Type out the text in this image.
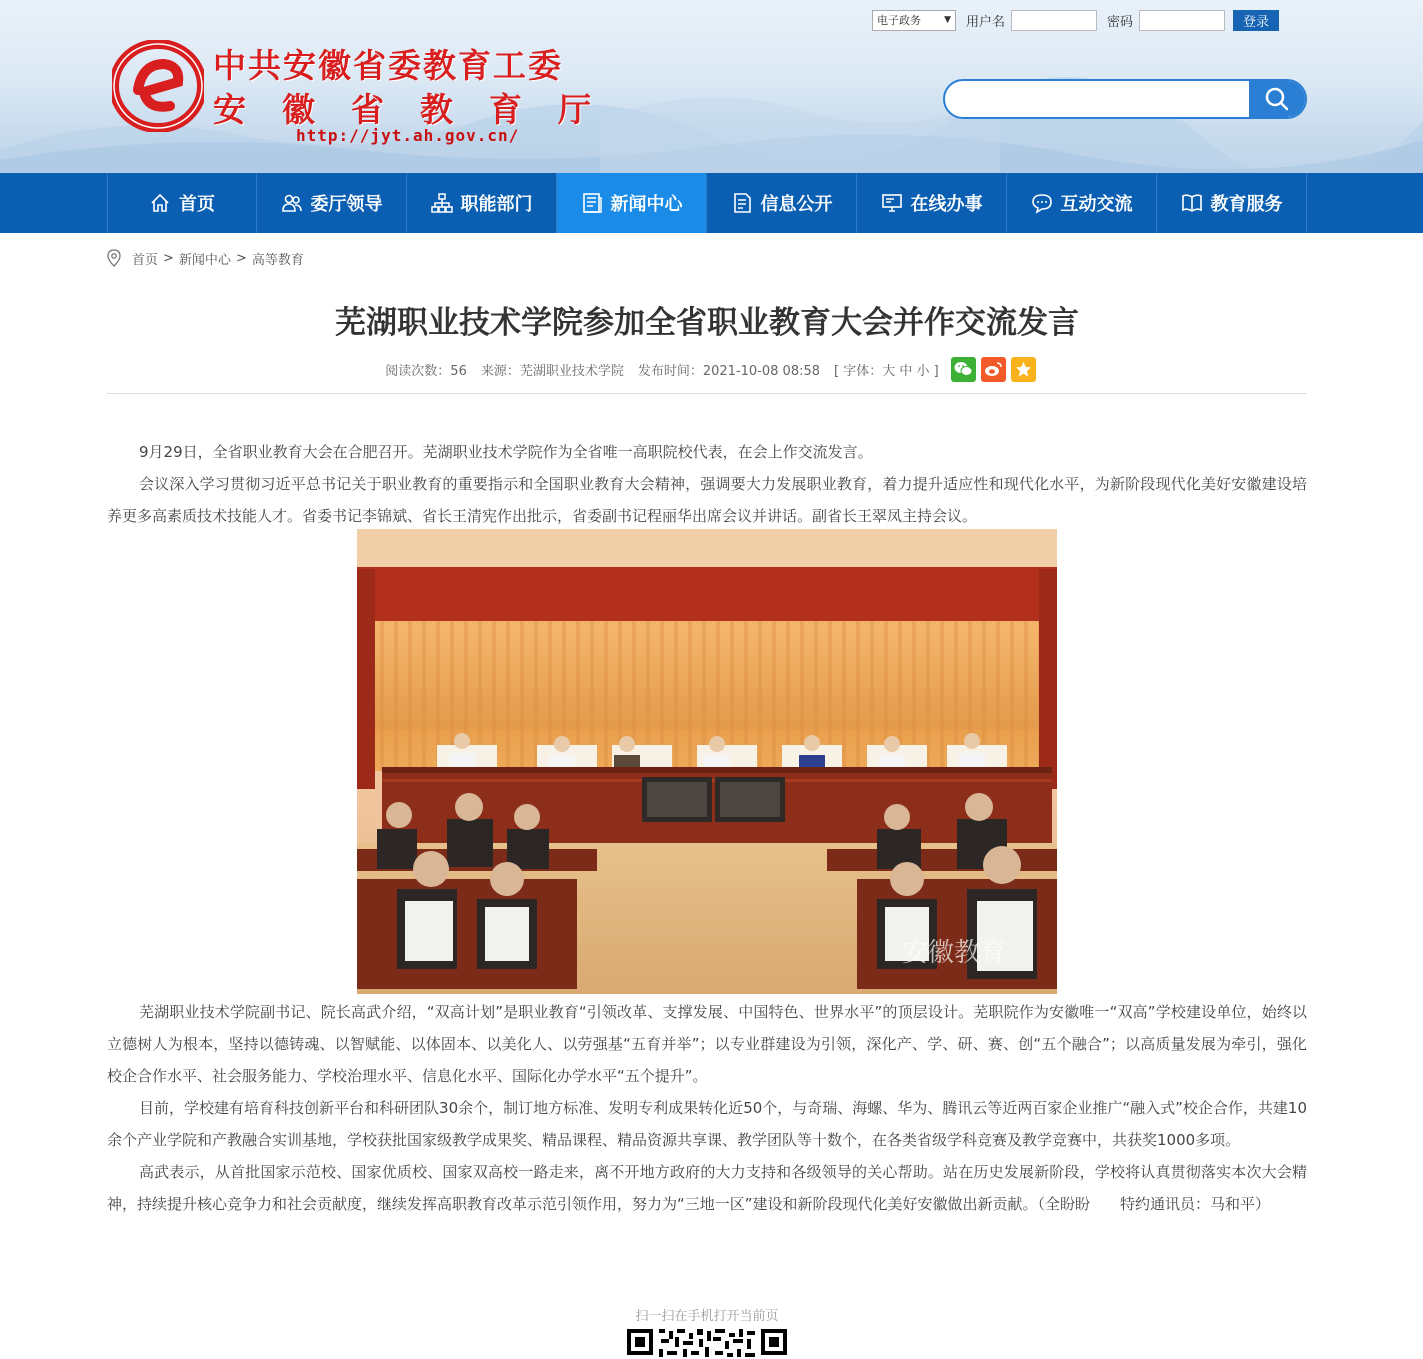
中共安徽省委教育工委
安徽省教育厅
http://jyt.ah.gov.cn/
电子政务	▼ 用户名	密码	登录
首页	委厅领导	职能部门	新闻中心	信息公开	在线办事	互动交流	教育服务
首页 > 新闻中心 > 高等教育
芜湖职业技术学院参加全省职业教育大会并作交流发言
阅读次数：56 来源：芜湖职业技术学院 发布时间：2021-10-08 08:58 [ 字体：大 中 小 ]

9月29日，全省职业教育大会在合肥召开。芜湖职业技术学院作为全省唯一高职院校代表，在会上作交流发言。

会议深入学习贯彻习近平总书记关于职业教育的重要指示和全国职业教育大会精神，强调要大力发展职业教育，着力提升适应性和现代化水平，为新阶段现代化美好安徽建设培养更多高素质技术技能人才。省委书记李锦斌、省长王清宪作出批示，省委副书记程丽华出席会议并讲话。副省长王翠凤主持会议。

安徽教育

芜湖职业技术学院副书记、院长高武介绍，“双高计划”是职业教育“引领改革、支撑发展、中国特色、世界水平”的顶层设计。芜职院作为安徽唯一“双高”学校建设单位，始终以立德树人为根本，坚持以德铸魂、以智赋能、以体固本、以美化人、以劳强基“五育并举”；以专业群建设为引领，深化产、学、研、赛、创“五个融合”；以高质量发展为牵引，强化校企合作水平、社会服务能力、学校治理水平、信息化水平、国际化办学水平“五个提升”。

目前，学校建有培育科技创新平台和科研团队30余个，制订地方标准、发明专利成果转化近50个，与奇瑞、海螺、华为、腾讯云等近两百家企业推广“融入式”校企合作，共建10余个产业学院和产教融合实训基地，学校获批国家级教学成果奖、精品课程、精品资源共享课、教学团队等十数个，在各类省级学科竞赛及教学竞赛中，共获奖1000多项。

高武表示，从首批国家示范校、国家优质校、国家双高校一路走来，离不开地方政府的大力支持和各级领导的关心帮助。站在历史发展新阶段，学校将认真贯彻落实本次大会精神，持续提升核心竞争力和社会贡献度，继续发挥高职教育改革示范引领作用，努力为“三地一区”建设和新阶段现代化美好安徽做出新贡献。（全盼盼　　特约通讯员：马和平）

扫一扫在手机打开当前页
